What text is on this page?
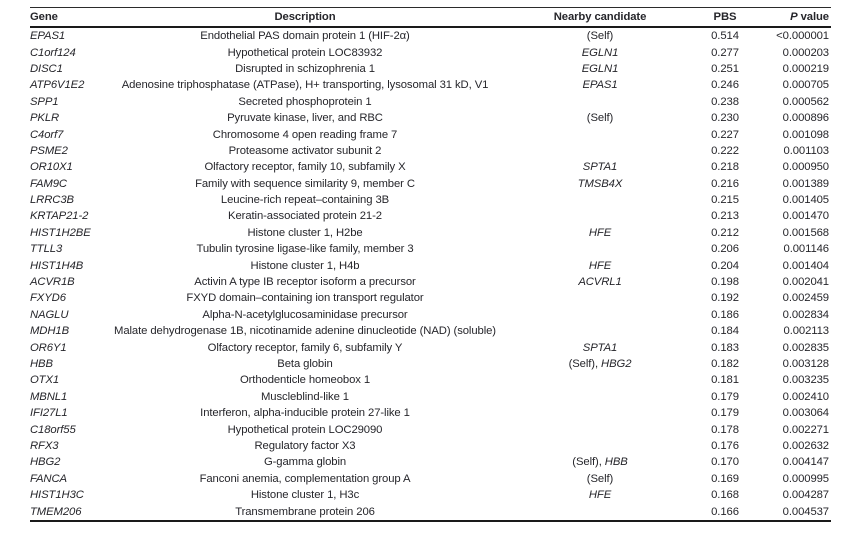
Gene	Description	Nearby candidate	PBS	P value
EPAS1	Endothelial PAS domain protein 1 (HIF-2α)	(Self)	0.514	<0.000001
C1orf124	Hypothetical protein LOC83932	EGLN1	0.277	0.000203
DISC1	Disrupted in schizophrenia 1	EGLN1	0.251	0.000219
ATP6V1E2	Adenosine triphosphatase (ATPase), H+ transporting, lysosomal 31 kD, V1	EPAS1	0.246	0.000705
SPP1	Secreted phosphoprotein 1		0.238	0.000562
PKLR	Pyruvate kinase, liver, and RBC	(Self)	0.230	0.000896
C4orf7	Chromosome 4 open reading frame 7		0.227	0.001098
PSME2	Proteasome activator subunit 2		0.222	0.001103
OR10X1	Olfactory receptor, family 10, subfamily X	SPTA1	0.218	0.000950
FAM9C	Family with sequence similarity 9, member C	TMSB4X	0.216	0.001389
LRRC3B	Leucine-rich repeat–containing 3B		0.215	0.001405
KRTAP21-2	Keratin-associated protein 21-2		0.213	0.001470
HIST1H2BE	Histone cluster 1, H2be	HFE	0.212	0.001568
TTLL3	Tubulin tyrosine ligase-like family, member 3		0.206	0.001146
HIST1H4B	Histone cluster 1, H4b	HFE	0.204	0.001404
ACVR1B	Activin A type IB receptor isoform a precursor	ACVRL1	0.198	0.002041
FXYD6	FXYD domain–containing ion transport regulator		0.192	0.002459
NAGLU	Alpha-N-acetylglucosaminidase precursor		0.186	0.002834
MDH1B	Malate dehydrogenase 1B, nicotinamide adenine dinucleotide (NAD) (soluble)		0.184	0.002113
OR6Y1	Olfactory receptor, family 6, subfamily Y	SPTA1	0.183	0.002835
HBB	Beta globin	(Self), HBG2	0.182	0.003128
OTX1	Orthodenticle homeobox 1		0.181	0.003235
MBNL1	Muscleblind-like 1		0.179	0.002410
IFI27L1	Interferon, alpha-inducible protein 27-like 1		0.179	0.003064
C18orf55	Hypothetical protein LOC29090		0.178	0.002271
RFX3	Regulatory factor X3		0.176	0.002632
HBG2	G-gamma globin	(Self), HBB	0.170	0.004147
FANCA	Fanconi anemia, complementation group A	(Self)	0.169	0.000995
HIST1H3C	Histone cluster 1, H3c	HFE	0.168	0.004287
TMEM206	Transmembrane protein 206		0.166	0.004537
